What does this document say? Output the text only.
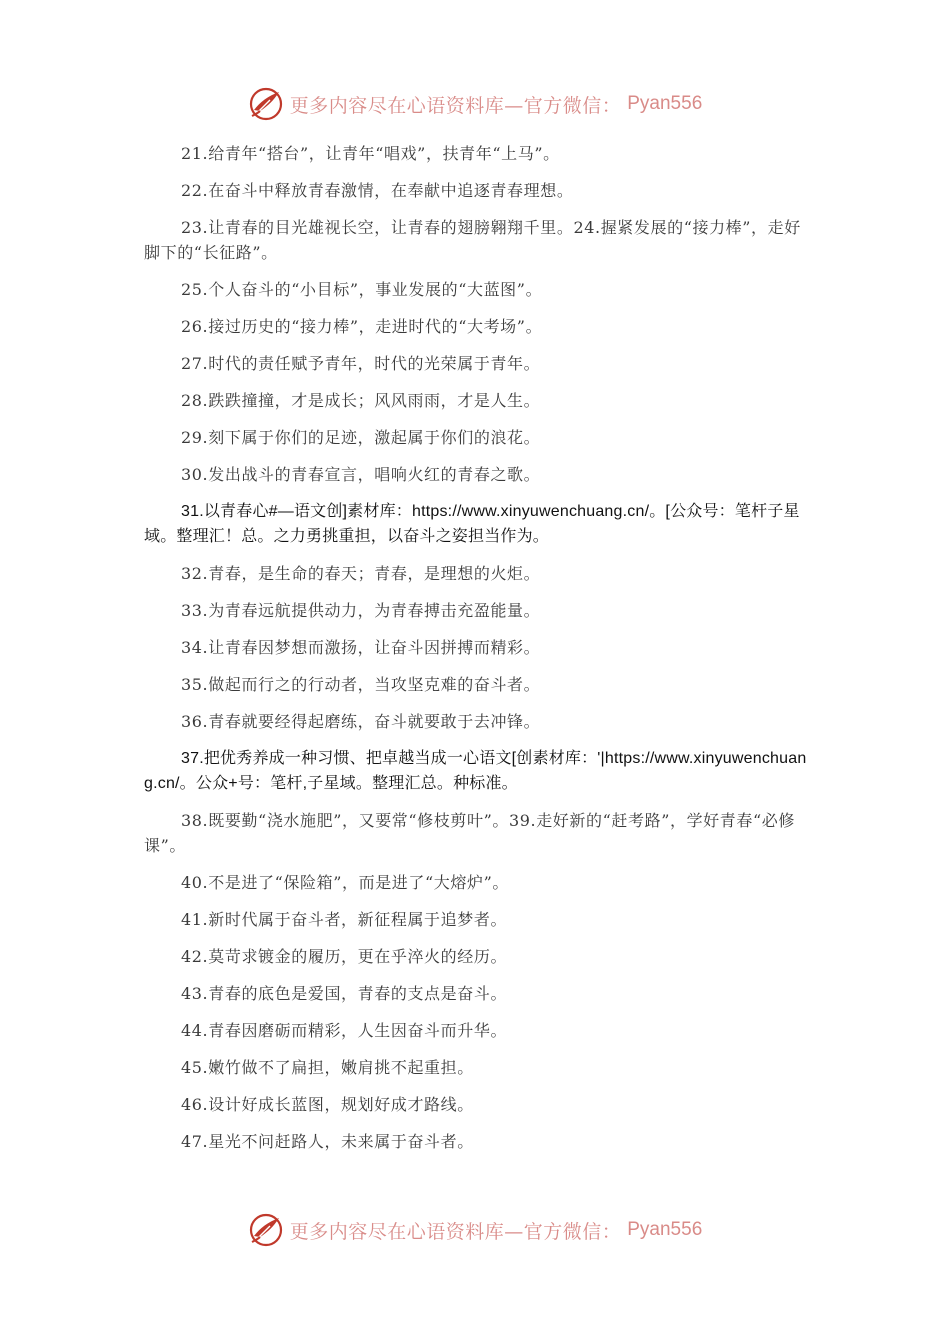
更多内容尽在心语资料库—官方微信： Pyan556

21.给青年“搭台”，让青年“唱戏”，扶青年“上马”。

22.在奋斗中释放青春激情，在奉献中追逐青春理想。

23.让青春的目光雄视长空，让青春的翅膀翱翔千里。24.握紧发展的“接力棒”，走好脚下的“长征路”。

25.个人奋斗的“小目标”，事业发展的“大蓝图”。

26.接过历史的“接力棒”，走进时代的“大考场”。

27.时代的责任赋予青年，时代的光荣属于青年。

28.跌跌撞撞，才是成长；风风雨雨，才是人生。

29.刻下属于你们的足迹，激起属于你们的浪花。

30.发出战斗的青春宣言，唱响火红的青春之歌。

31.以青春心#—语文创]素材库：https://www.xinyuwenchuang.cn/。[公众号：笔杆子星域。整理汇！总。之力勇挑重担，以奋斗之姿担当作为。

32.青春，是生命的春天；青春，是理想的火炬。

33.为青春远航提供动力，为青春搏击充盈能量。

34.让青春因梦想而激扬，让奋斗因拼搏而精彩。

35.做起而行之的行动者，当攻坚克难的奋斗者。

36.青春就要经得起磨练，奋斗就要敢于去冲锋。

37.把优秀养成一种习惯、把卓越当成一心语文[创素材库：'|https://www.xinyuwenchuang.cn/。公众+号：笔杆,子星域。整理汇总。种标准。

38.既要勤“浇水施肥”，又要常“修枝剪叶”。39.走好新的“赶考路”，学好青春“必修课”。

40.不是进了“保险箱”，而是进了“大熔炉”。

41.新时代属于奋斗者，新征程属于追梦者。

42.莫苛求镀金的履历，更在乎淬火的经历。

43.青春的底色是爱国，青春的支点是奋斗。

44.青春因磨砺而精彩，人生因奋斗而升华。

45.嫩竹做不了扁担，嫩肩挑不起重担。

46.设计好成长蓝图，规划好成才路线。

47.星光不问赶路人，未来属于奋斗者。

更多内容尽在心语资料库—官方微信： Pyan556
